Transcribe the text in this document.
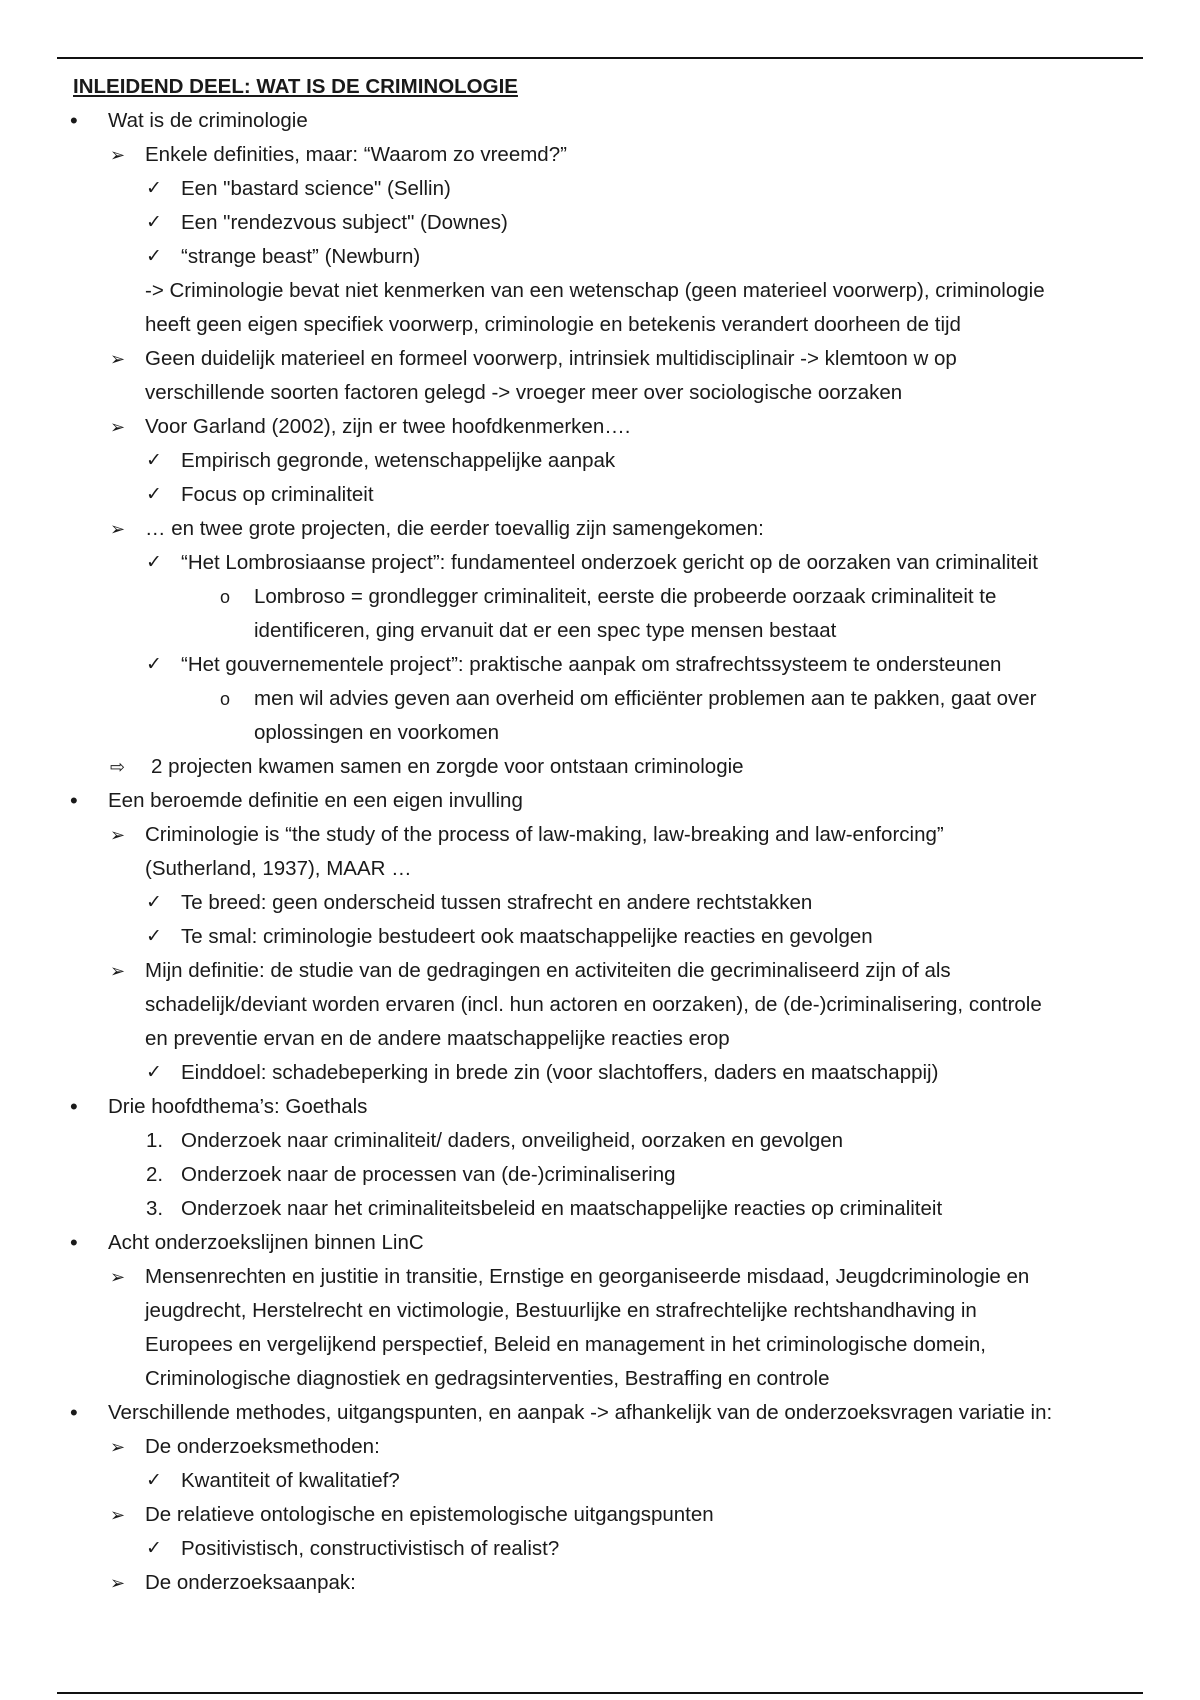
INLEIDEND DEEL: WAT IS DE CRIMINOLOGIE
• Wat is de criminologie
➢ Enkele definities, maar: “Waarom zo vreemd?”
✓ Een "bastard science" (Sellin)
✓ Een "rendezvous subject" (Downes)
✓ “strange beast” (Newburn)
-> Criminologie bevat niet kenmerken van een wetenschap (geen materieel voorwerp), criminologie
heeft geen eigen specifiek voorwerp, criminologie en betekenis verandert doorheen de tijd
➢ Geen duidelijk materieel en formeel voorwerp, intrinsiek multidisciplinair -> klemtoon w op
verschillende soorten factoren gelegd -> vroeger meer over sociologische oorzaken
➢ Voor Garland (2002), zijn er twee hoofdkenmerken….
✓ Empirisch gegronde, wetenschappelijke aanpak
✓ Focus op criminaliteit
➢ … en twee grote projecten, die eerder toevallig zijn samengekomen:
✓ “Het Lombrosiaanse project”: fundamenteel onderzoek gericht op de oorzaken van criminaliteit
o Lombroso = grondlegger criminaliteit, eerste die probeerde oorzaak criminaliteit te
identificeren, ging ervanuit dat er een spec type mensen bestaat
✓ “Het gouvernementele project”: praktische aanpak om strafrechtssysteem te ondersteunen
o men wil advies geven aan overheid om efficiënter problemen aan te pakken, gaat over
oplossingen en voorkomen
⇨ 2 projecten kwamen samen en zorgde voor ontstaan criminologie
• Een beroemde definitie en een eigen invulling
➢ Criminologie is “the study of the process of law-making, law-breaking and law-enforcing”
(Sutherland, 1937), MAAR …
✓ Te breed: geen onderscheid tussen strafrecht en andere rechtstakken
✓ Te smal: criminologie bestudeert ook maatschappelijke reacties en gevolgen
➢ Mijn definitie: de studie van de gedragingen en activiteiten die gecriminaliseerd zijn of als
schadelijk/deviant worden ervaren (incl. hun actoren en oorzaken), de (de-)criminalisering, controle
en preventie ervan en de andere maatschappelijke reacties erop
✓ Einddoel: schadebeperking in brede zin (voor slachtoffers, daders en maatschappij)
• Drie hoofdthema’s: Goethals
1. Onderzoek naar criminaliteit/ daders, onveiligheid, oorzaken en gevolgen
2. Onderzoek naar de processen van (de-)criminalisering
3. Onderzoek naar het criminaliteitsbeleid en maatschappelijke reacties op criminaliteit
• Acht onderzoekslijnen binnen LinC
➢ Mensenrechten en justitie in transitie, Ernstige en georganiseerde misdaad, Jeugdcriminologie en
jeugdrecht, Herstelrecht en victimologie, Bestuurlijke en strafrechtelijke rechtshandhaving in
Europees en vergelijkend perspectief, Beleid en management in het criminologische domein,
Criminologische diagnostiek en gedragsinterventies, Bestraffing en controle
• Verschillende methodes, uitgangspunten, en aanpak -> afhankelijk van de onderzoeksvragen variatie in:
➢ De onderzoeksmethoden:
✓ Kwantiteit of kwalitatief?
➢ De relatieve ontologische en epistemologische uitgangspunten
✓ Positivistisch, constructivistisch of realist?
➢ De onderzoeksaanpak:
